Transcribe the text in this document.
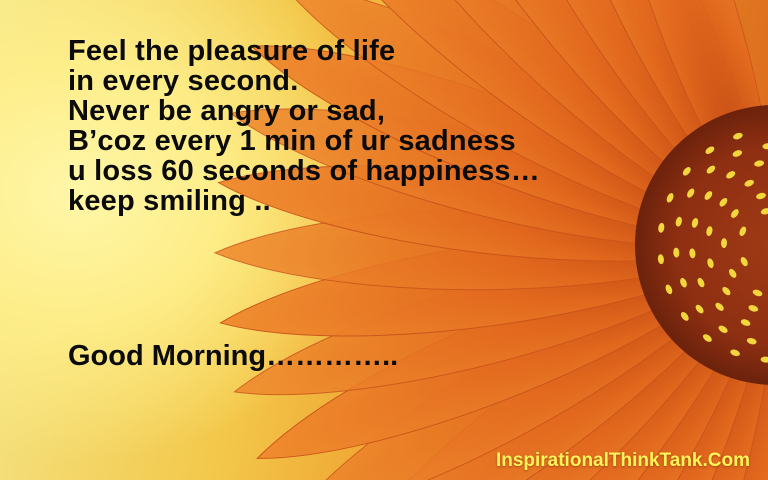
Feel the pleasure of life
in every second.
Never be angry or sad,
B’coz every 1 min of ur sadness
u loss 60 seconds of happiness…
keep smiling ..
Good Morning…………..
InspirationalThinkTank.Com
